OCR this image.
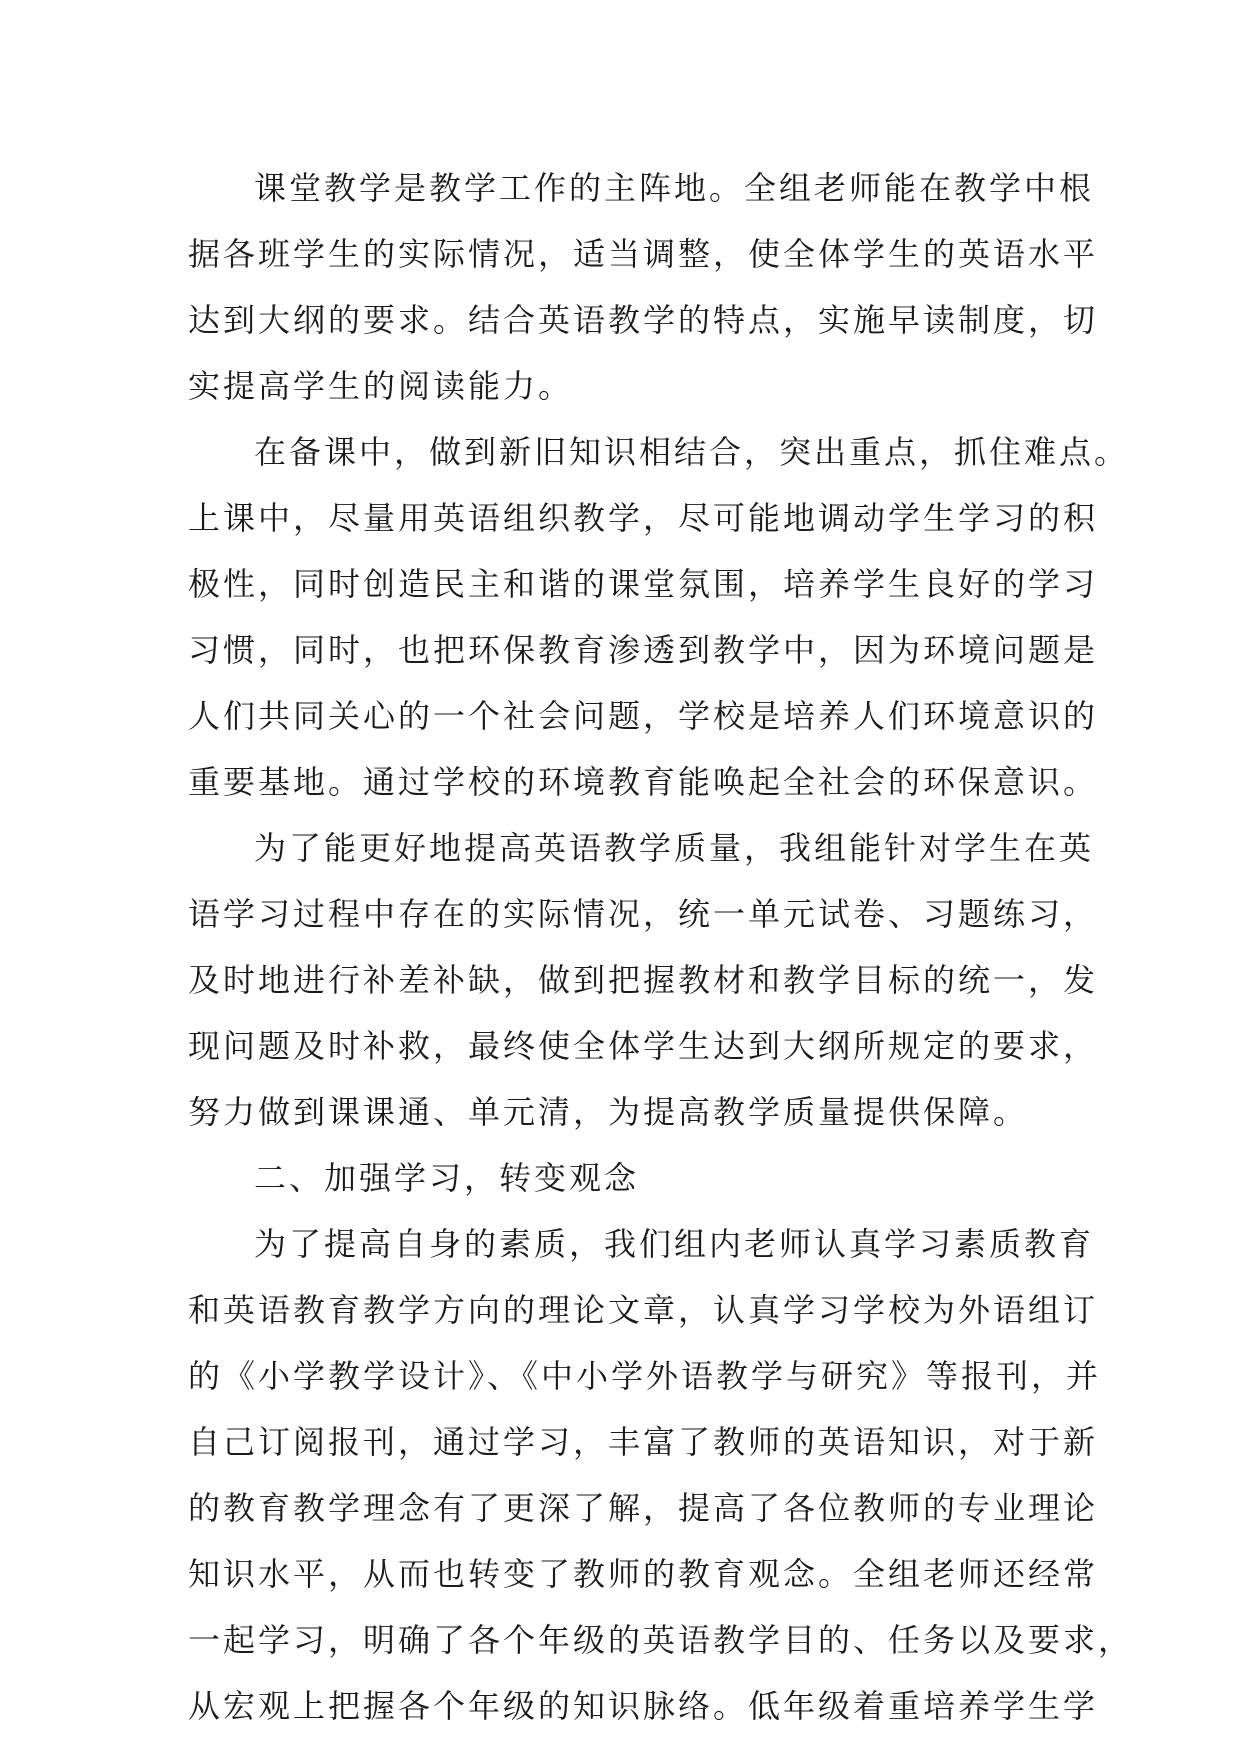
课堂教学是教学工作的主阵地。全组老师能在教学中根
据各班学生的实际情况，适当调整，使全体学生的英语水平
达到大纲的要求。结合英语教学的特点，实施早读制度，切
实提高学生的阅读能力。
在备课中，做到新旧知识相结合，突出重点，抓住难点。
上课中，尽量用英语组织教学，尽可能地调动学生学习的积
极性，同时创造民主和谐的课堂氛围，培养学生良好的学习
习惯，同时，也把环保教育渗透到教学中，因为环境问题是
人们共同关心的一个社会问题，学校是培养人们环境意识的
重要基地。通过学校的环境教育能唤起全社会的环保意识。
为了能更好地提高英语教学质量，我组能针对学生在英
语学习过程中存在的实际情况，统一单元试卷、习题练习，
及时地进行补差补缺，做到把握教材和教学目标的统一，发
现问题及时补救，最终使全体学生达到大纲所规定的要求，
努力做到课课通、单元清，为提高教学质量提供保障。
二、加强学习，转变观念
为了提高自身的素质，我们组内老师认真学习素质教育
和英语教育教学方向的理论文章，认真学习学校为外语组订
的《小学教学设计》、《中小学外语教学与研究》等报刊，并
自己订阅报刊，通过学习，丰富了教师的英语知识，对于新
的教育教学理念有了更深了解，提高了各位教师的专业理论
知识水平，从而也转变了教师的教育观念。全组老师还经常
一起学习，明确了各个年级的英语教学目的、任务以及要求，
从宏观上把握各个年级的知识脉络。低年级着重培养学生学
